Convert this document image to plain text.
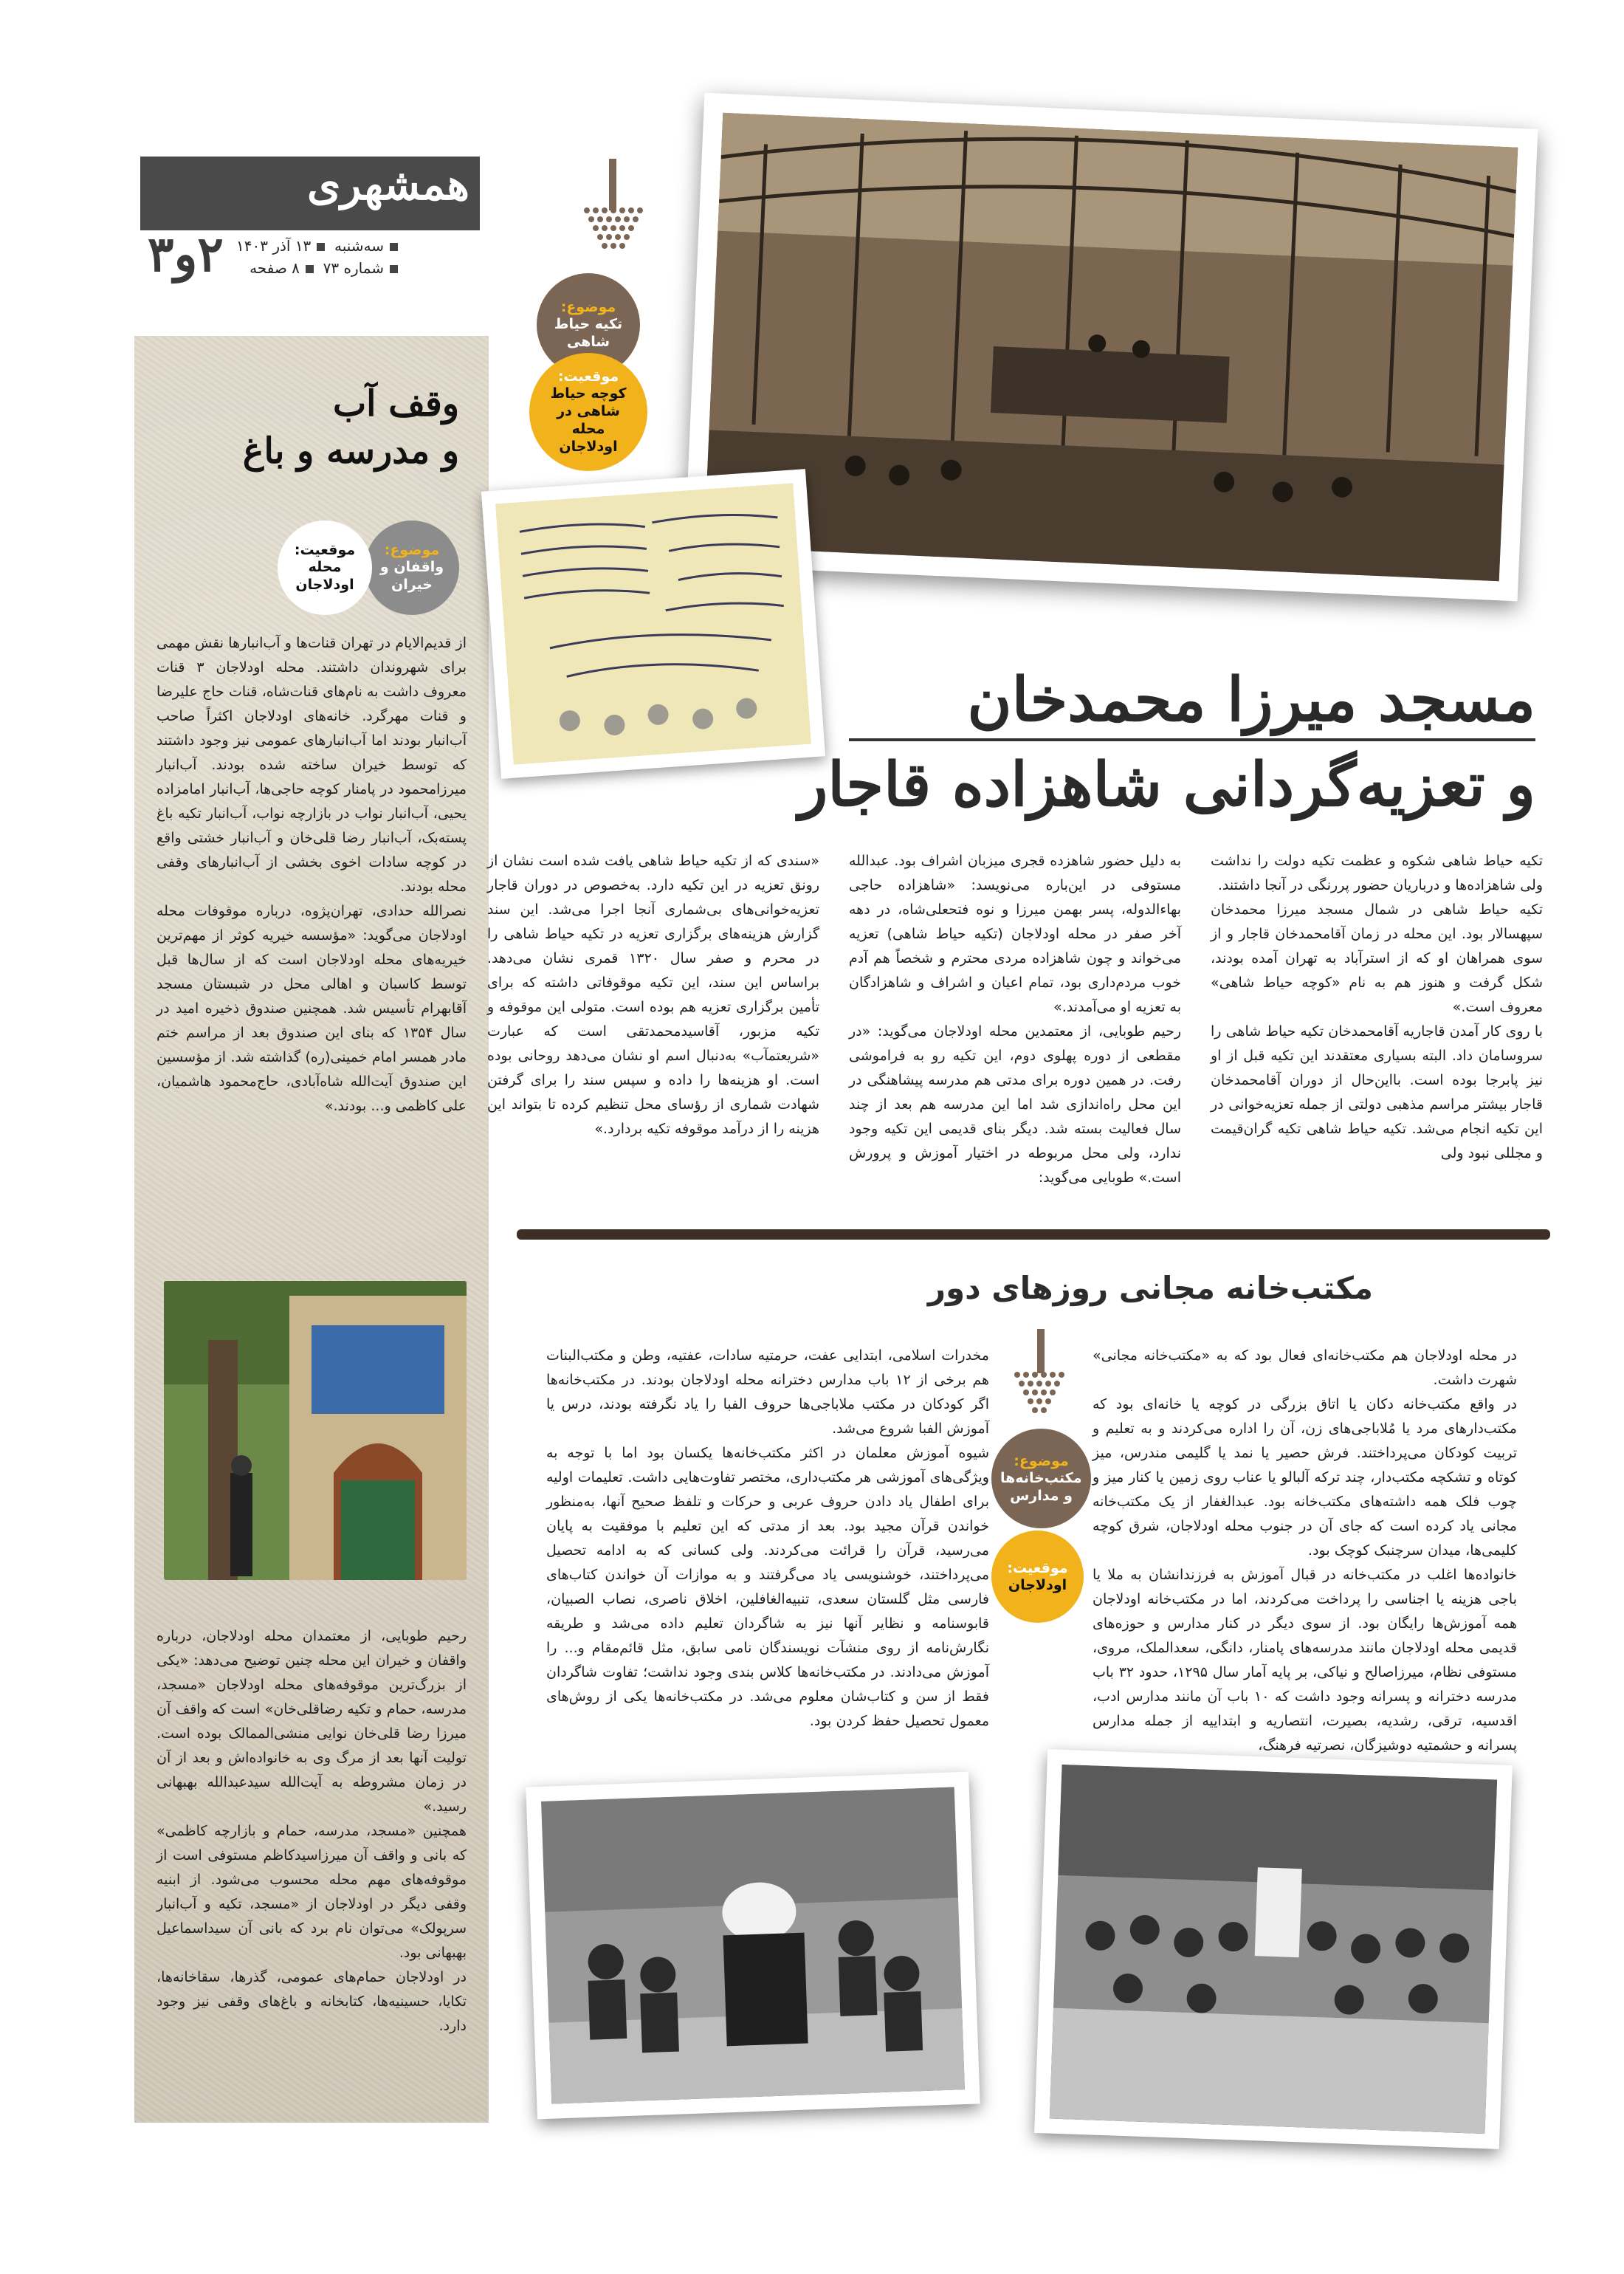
همشهری
سه‌شنبه  ۱۳ آذر ۱۴۰۳
شماره ۷۳  ۸ صفحه
۲و۳
وقف آب
و مدرسه و باغ
موضوع:
واقفان و خیران
موقعیت:
محله اودلاجان

از قدیم‌الایام در تهران قنات‌ها و آب‌انبارها نقش مهمی برای شهروندان داشتند. محله اودلاجان ۳ قنات معروف داشت به نام‌های قنات‌شاه، قنات حاج علیرضا و قنات مهرگرد. خانه‌های اودلاجان اکثراً صاحب آب‌انبار بودند اما آب‌انبارهای عمومی نیز وجود داشتند که توسط خیران ساخته شده بودند. آب‌انبار میرزامحمود در پامنار کوچه حاجی‌ها، آب‌انبار امامزاده یحیی، آب‌انبار نواب در بازارچه نواب، آب‌انبار تکیه باغ پسته‌بک، آب‌انبار رضا قلی‌خان و آب‌انبار خشتی واقع در کوچه سادات اخوی بخشی از آب‌انبارهای وقفی محله بودند.

نصرالله حدادی، تهران‌پژوه، درباره موقوفات محله اودلاجان می‌گوید: «مؤسسه خیریه کوثر از مهم‌ترین خیریه‌های محله اودلاجان است که از سال‌ها قبل توسط کاسبان و اهالی محل در شبستان مسجد آقابهرام تأسیس شد. همچنین صندوق ذخیره امید در سال ۱۳۵۴ که بنای این صندوق بعد از مراسم ختم مادر همسر امام خمینی(ره) گذاشته شد. از مؤسسین این صندوق آیت‌الله شاه‌آبادی، حاج‌محمود هاشمیان، علی کاظمی و... بودند.»

رحیم طوبایی، از معتمدان محله اودلاجان، درباره واقفان و خیران این محله چنین توضیح می‌دهد: «یکی از بزرگ‌ترین موقوفه‌های محله اودلاجان «مسجد، مدرسه، حمام و تکیه رضاقلی‌خان» است که واقف آن میرزا رضا قلی‌خان نوایی منشی‌الممالک بوده است. تولیت آنها بعد از مرگ وی به خانواده‌اش و بعد از آن در زمان مشروطه به آیت‌الله سیدعبدالله بهبهانی رسید.»

همچنین «مسجد، مدرسه، حمام و بازارچه کاظمی» که بانی و واقف آن میرزاسیدکاظم مستوفی است از موقوفه‌های مهم محله محسوب می‌شود. از ابنیه وقفی دیگر در اودلاجان از «مسجد، تکیه و آب‌انبار سرپولک» می‌توان نام برد که بانی آن سیداسماعیل بهبهانی بود.

در اودلاجان حمام‌های عمومی، گذرها، سقاخانه‌ها، تکایا، حسینیه‌ها، کتابخانه و باغ‌های وقفی نیز وجود دارد.

موضوع:
تکیه حیاط شاهی
موقعیت:
کوچه حیاط شاهی در محله اودلاجان
مسجد میرزا محمدخان
و تعزیه‌گردانی شاهزاده قاجار

تکیه حیاط شاهی شکوه و عظمت تکیه دولت را نداشت ولی شاهزاده‌ها و درباریان حضور پررنگی در آنجا داشتند.

تکیه حیاط شاهی در شمال مسجد میرزا محمدخان سپهسالار بود. این محله در زمان آقامحمدخان قاجار و از سوی همراهان او که از استرآباد به تهران آمده بودند، شکل گرفت و هنوز هم به نام «کوچه حیاط شاهی» معروف است.»

با روی کار آمدن قاجاریه آقامحمدخان تکیه حیاط شاهی را سروسامان داد. البته بسیاری معتقدند این تکیه قبل از او نیز پابرجا بوده است. بااین‌حال از دوران آقامحمدخان قاجار بیشتر مراسم مذهبی دولتی از جمله تعزیه‌خوانی در این تکیه انجام می‌شد. تکیه حیاط شاهی تکیه گران‌قیمت و مجللی نبود ولی

به دلیل حضور شاهزده قجری میزبان اشراف بود. عبدالله مستوفی در این‌باره می‌نویسد: «شاهزاده حاجی بهاءالدوله، پسر بهمن میرزا و نوه فتحعلی‌شاه، در دهه آخر صفر در محله اودلاجان (تکیه حیاط شاهی) تعزیه می‌خواند و چون شاهزاده مردی محترم و شخصاً هم آدم خوب مردم‌داری بود، تمام اعیان و اشراف و شاهزادگان به تعزیه او می‌آمدند.»

رحیم طوبایی، از معتمدین محله اودلاجان می‌گوید: «در مقطعی از دوره پهلوی دوم، این تکیه رو به فراموشی رفت. در همین دوره برای مدتی هم مدرسه پیشاهنگی در این محل راه‌اندازی شد اما این مدرسه هم بعد از چند سال فعالیت بسته شد. دیگر بنای قدیمی این تکیه وجود ندارد، ولی محل مربوطه در اختیار آموزش و پرورش است.» طوبایی می‌گوید:

«سندی که از تکیه حیاط شاهی یافت شده است نشان از رونق تعزیه در این تکیه دارد. به‌خصوص در دوران قاجار تعزیه‌خوانی‌های بی‌شماری آنجا اجرا می‌شد. این سند گزارش هزینه‌های برگزاری تعزیه در تکیه حیاط شاهی را در محرم و صفر سال ۱۳۲۰ قمری نشان می‌دهد. براساس این سند، این تکیه موقوفاتی داشته که برای تأمین برگزاری تعزیه هم بوده است. متولی این موقوفه و تکیه مزبور، آقاسیدمحمدتقی است که عبارت «شریعتمآب» به‌دنبال اسم او نشان می‌دهد روحانی بوده است. او هزینه‌ها را داده و سپس سند را برای گرفتن شهادت شماری از رؤسای محل تنظیم کرده تا بتواند این هزینه را از درآمد موقوفه تکیه بردارد.»

مکتب‌خانه مجانی روزهای دور
موضوع:
مکتب‌خانه‌ها و مدارس
موقعیت:
اودلاجان

در محله اودلاجان هم مکتب‌خانه‌ای فعال بود که به «مکتب‌خانه مجانی» شهرت داشت.

در واقع مکتب‌خانه دکان یا اتاق بزرگی در کوچه یا خانه‌ای بود که مکتب‌دارهای مرد یا مُلاباجی‌های زن، آن را اداره می‌کردند و به تعلیم و تربیت کودکان می‌پرداختند. فرش حصیر یا نمد یا گلیمی مندرس، میز کوتاه و تشکچه مکتب‌دار، چند ترکه آلبالو یا عناب روی زمین یا کنار میز و چوب فلک همه داشته‌های مکتب‌خانه بود. عبدالغفار از یک مکتب‌خانه مجانی یاد کرده است که جای آن در جنوب محله اودلاجان، شرق کوچه کلیمی‌ها، میدان سرچنبک کوچک بود.

خانواده‌ها اغلب در مکتب‌خانه در قبال آموزش به فرزندانشان به ملا یا باجی هزینه یا اجناسی را پرداخت می‌کردند، اما در مکتب‌خانه اودلاجان همه آموزش‌ها رایگان بود. از سوی دیگر در کنار مدارس و حوزه‌های قدیمی محله اودلاجان مانند مدرسه‌های پامنار، دانگی، سعدالملک، مروی، مستوفی نظام، میرزاصالح و نیاکی، بر پایه آمار سال ۱۲۹۵، حدود ۳۲ باب مدرسه دخترانه و پسرانه وجود داشت که ۱۰ باب آن مانند مدارس ادب، اقدسیه، ترقی، رشدیه، بصیرت، انتصاریه و ابتداییه از جمله مدارس پسرانه و حشمتیه دوشیزگان، نصرتیه فرهنگ،

مخدرات اسلامی، ابتدایی عفت، حرمتیه سادات، عفتیه، وطن و مکتب‌البنات هم برخی از ۱۲ باب مدارس دخترانه محله اودلاجان بودند. در مکتب‌خانه‌ها اگر کودکان در مکتب ملاباجی‌ها حروف الفبا را یاد نگرفته بودند، درس یا آموزش الفبا شروع می‌شد.

شیوه آموزش معلمان در اکثر مکتب‌خانه‌ها یکسان بود اما با توجه به ویژگی‌های آموزشی هر مکتب‌داری، مختصر تفاوت‌هایی داشت. تعلیمات اولیه برای اطفال یاد دادن حروف عربی و حرکات و تلفظ صحیح آنها، به‌منظور خواندن قرآن مجید بود. بعد از مدتی که این تعلیم با موفقیت به پایان می‌رسید، قرآن را قرائت می‌کردند. ولی کسانی که به ادامه تحصیل می‌پرداختند، خوشنویسی یاد می‌گرفتند و به موازات آن خواندن کتاب‌های فارسی مثل گلستان سعدی، تنبیه‌الغافلین، اخلاق ناصری، نصاب الصبیان، قابوسنامه و نظایر آنها نیز به شاگردان تعلیم داده می‌شد و طریقه نگارش‌نامه از روی منشآت نویسندگان نامی سابق، مثل قائم‌مقام و... را آموزش می‌دادند. در مکتب‌خانه‌ها کلاس بندی وجود نداشت؛ تفاوت شاگردان فقط از سن و کتاب‌شان معلوم می‌شد. در مکتب‌خانه‌ها یکی از روش‌های معمول تحصیل حفظ کردن بود.
